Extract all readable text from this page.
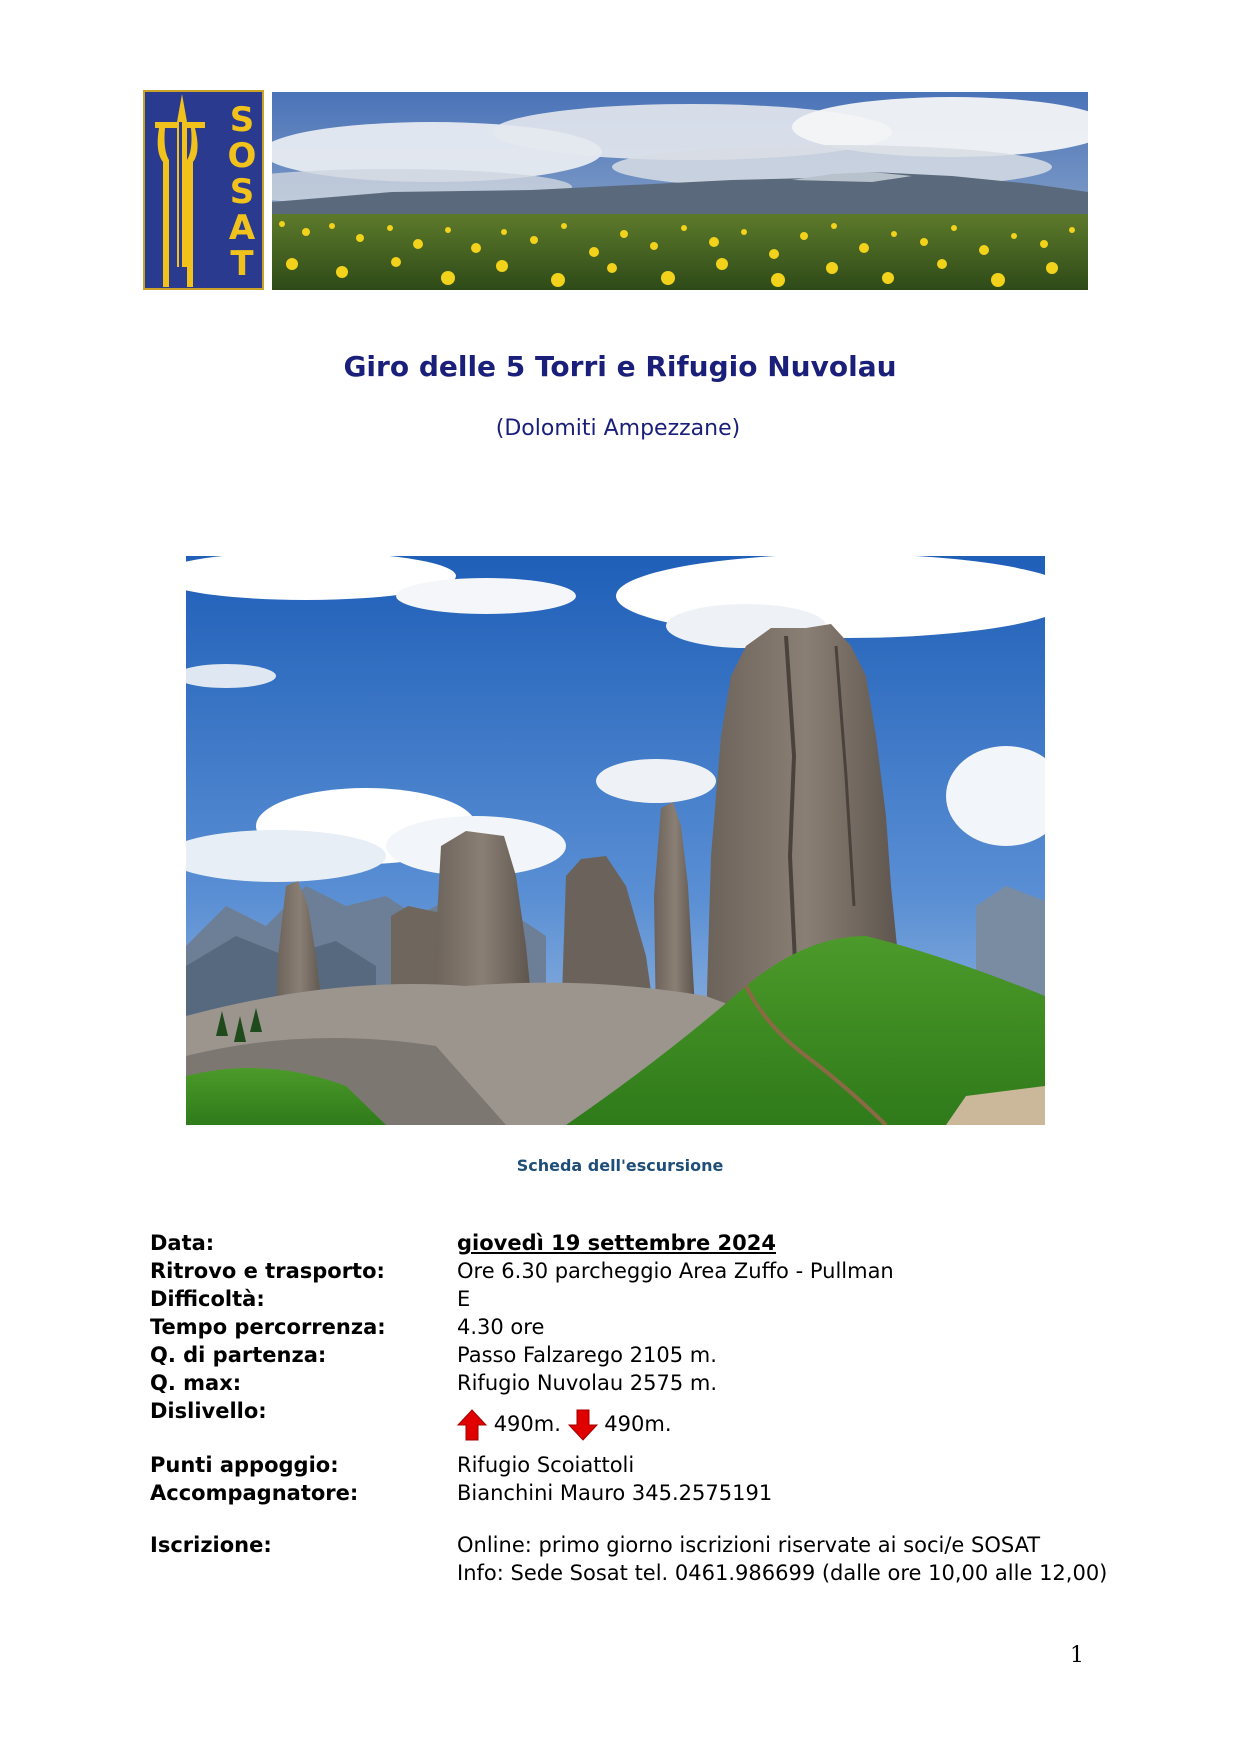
S
O
S
A
T
Giro delle 5 Torri e Rifugio Nuvolau
(Dolomiti Ampezzane)
Scheda dell'escursione
Data:	giovedì 19 settembre 2024
Ritrovo e trasporto:	Ore 6.30 parcheggio Area Zuffo - Pullman
Difficoltà:	E
Tempo percorrenza:	4.30 ore
Q. di partenza:	Passo Falzarego 2105 m.
Q. max:	Rifugio Nuvolau 2575 m.
Dislivello:
490m. 490m.
Punti appoggio:	Rifugio Scoiattoli
Accompagnatore:	Bianchini Mauro 345.2575191
Iscrizione:	Online: primo giorno iscrizioni riservate ai soci/e SOSAT
Info: Sede Sosat tel. 0461.986699 (dalle ore 10,00 alle 12,00)
1
